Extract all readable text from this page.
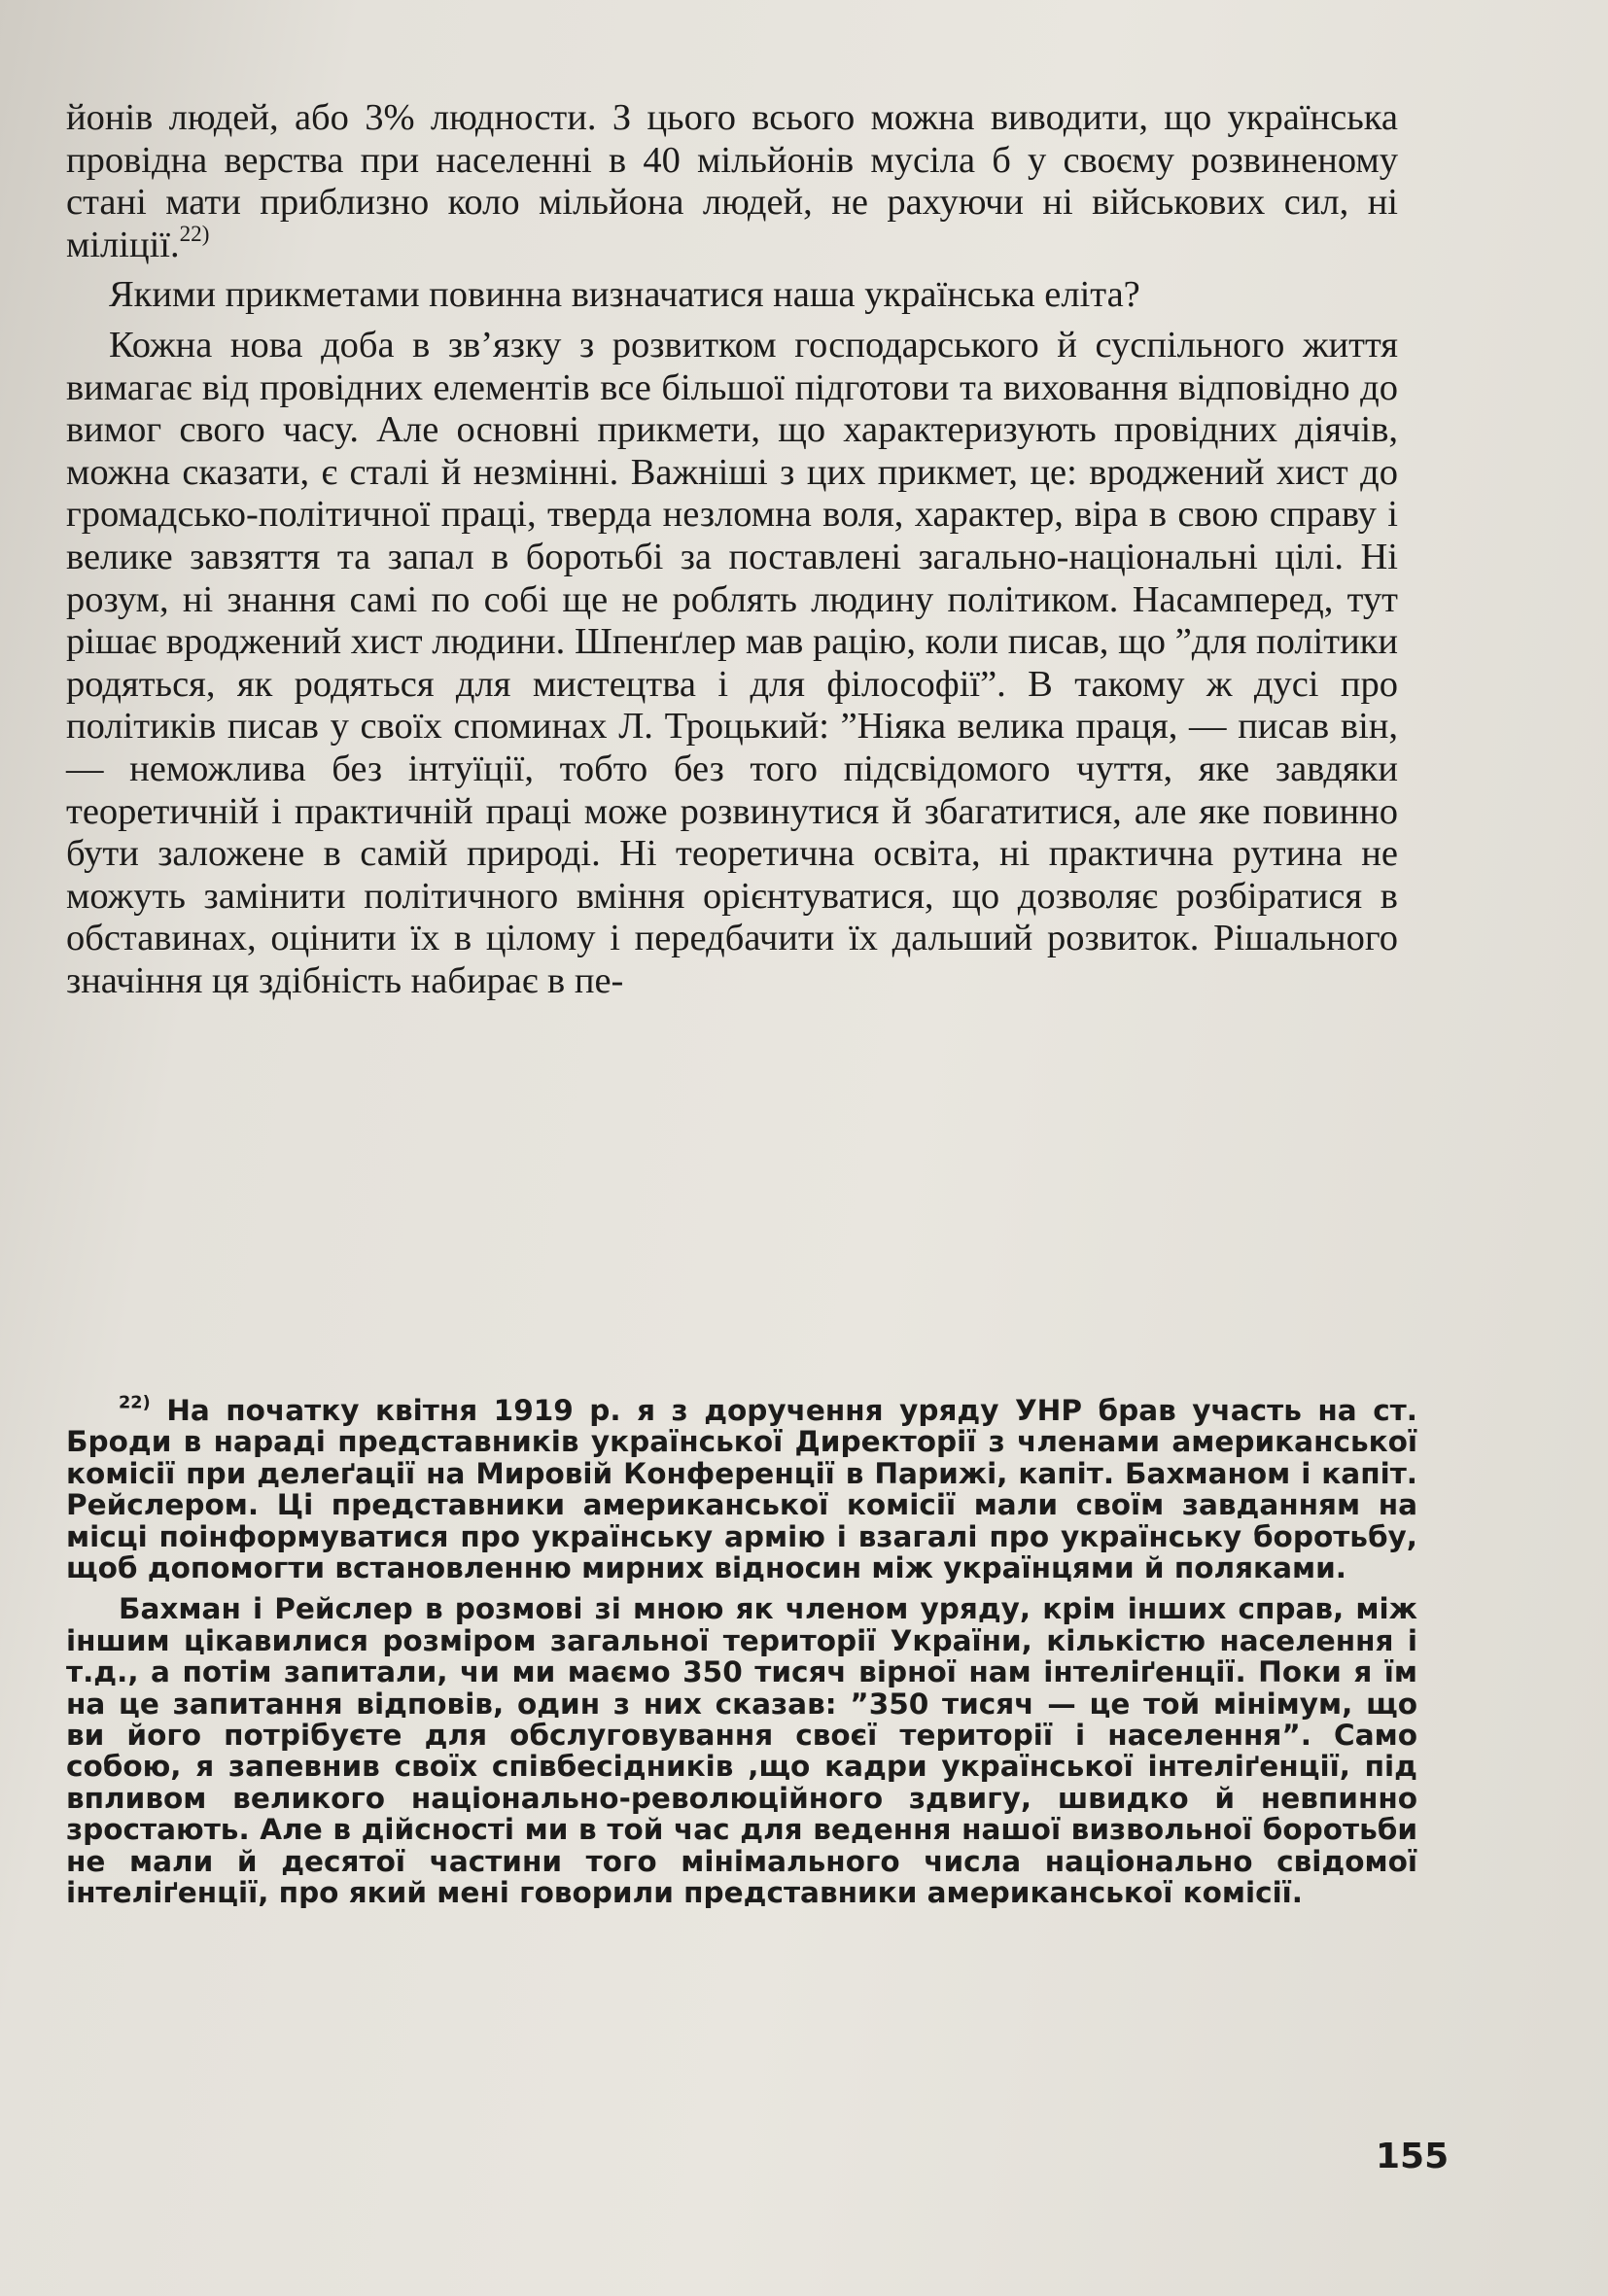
йонів людей, або 3% людности. З цього всього можна виводити, що українська провідна верства при населенні в 40 мільйонів мусіла б у своєму розвиненому стані мати приблизно коло мільйона людей, не рахуючи ні військових сил, ні міліції.$^{22)}$

Якими прикметами повинна визначатися наша українська еліта?

Кожна нова доба в зв’язку з розвитком господарського й суспільного життя вимагає від провідних елементів все більшої підготови та виховання відповідно до вимог свого часу. Але основні прикмети, що характеризують провідних діячів, можна сказати, є сталі й незмінні. Важніші з цих прикмет, це: вроджений хист до громадсько-політичної праці, тверда незломна воля, характер, віра в свою справу і велике завзяття та запал в боротьбі за поставлені загально-національні цілі. Ні розум, ні знання самі по собі ще не роблять людину політиком. Насамперед, тут рішає вроджений хист людини. Шпенґлер мав рацію, коли писав, що ”для політики родяться, як родяться для мистецтва і для філософії”. В такому ж дусі про політиків писав у своїх споминах Л. Троцький: ”Ніяка велика праця, — писав він, — неможлива без інтуїції, тобто без того підсвідомого чуття, яке завдяки теоретичній і практичній праці може розвинутися й збагатитися, але яке повинно бути заложене в самій природі. Ні теоретична освіта, ні практична рутина не можуть замінити політичного вміння орієнтуватися, що дозволяє розбіратися в обставинах, оцінити їх в цілому і передбачити їх дальший розвиток. Рішального значіння ця здібність набирає в пе-

$^{22)}$ На початку квітня 1919 р. я з доручення уряду УНР брав участь на ст. Броди в нараді представників української Директорії з членами американської комісії при делеґації на Мировій Конференції в Парижі, капіт. Бахманом і капіт. Рейслером. Ці представники американської комісії мали своїм завданням на місці поінформуватися про українську армію і взагалі про українську боротьбу, щоб допомогти встановленню мирних відносин між українцями й поляками.

Бахман і Рейслер в розмові зі мною як членом уряду, крім інших справ, між іншим цікавилися розміром загальної території України, кількістю населення і т.д., а потім запитали, чи ми маємо 350 тисяч вірної нам інтеліґенції. Поки я їм на це запитання відповів, один з них сказав: ”350 тисяч — це той мінімум, що ви його потрібуєте для обслуговування своєї території і населення”. Само собою, я запевнив своїх співбесідників ,що кадри української інтеліґенції, під впливом великого національно-революційного здвигу, швидко й невпинно зростають. Але в дійсності ми в той час для ведення нашої визвольної боротьби не мали й десятої частини того мінімального числа національно свідомої інтеліґенції, про який мені говорили представники американської комісії.

155
